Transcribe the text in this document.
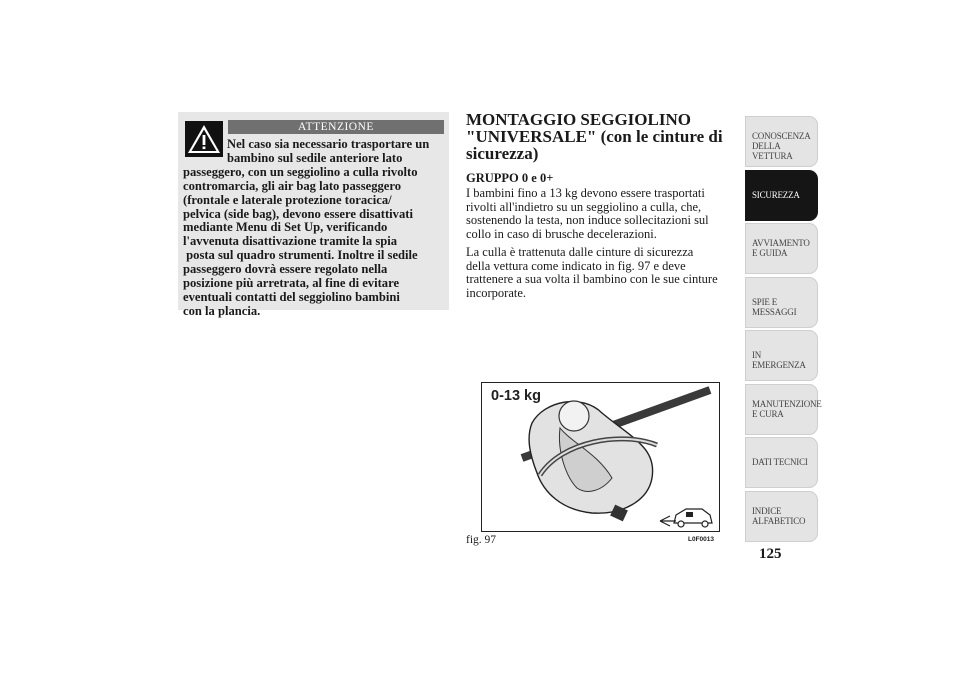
ATTENZIONE
Nel caso sia necessario trasportare un
bambino sul sedile anteriore lato
passeggero, con un seggiolino a culla rivolto
contromarcia, gli air bag lato passeggero
(frontale e laterale protezione toracica/
pelvica (side bag), devono essere disattivati
mediante Menu di Set Up, verificando
l'avvenuta disattivazione tramite la spia
posta sul quadro strumenti. Inoltre il sedile
passeggero dovrà essere regolato nella
posizione più arretrata, al fine di evitare
eventuali contatti del seggiolino bambini
con la plancia.
MONTAGGIO SEGGIOLINO
"UNIVERSALE" (con le cinture di
sicurezza)
GRUPPO 0 e 0+

I bambini fino a 13 kg devono essere trasportati
rivolti all'indietro su un seggiolino a culla, che,
sostenendo la testa, non induce sollecitazioni sul
collo in caso di brusche decelerazioni.

La culla è trattenuta dalle cinture di sicurezza
della vettura come indicato in fig. 97 e deve
trattenere a sua volta il bambino con le sue cinture
incorporate.

0-13 kg
fig. 97	L0F0013
CONOSCENZA DELLA VETTURA
SICUREZZA
AVVIAMENTO E GUIDA
SPIE E MESSAGGI
IN EMERGENZA
MANUTENZIONE E CURA
DATI TECNICI
INDICE ALFABETICO
125
